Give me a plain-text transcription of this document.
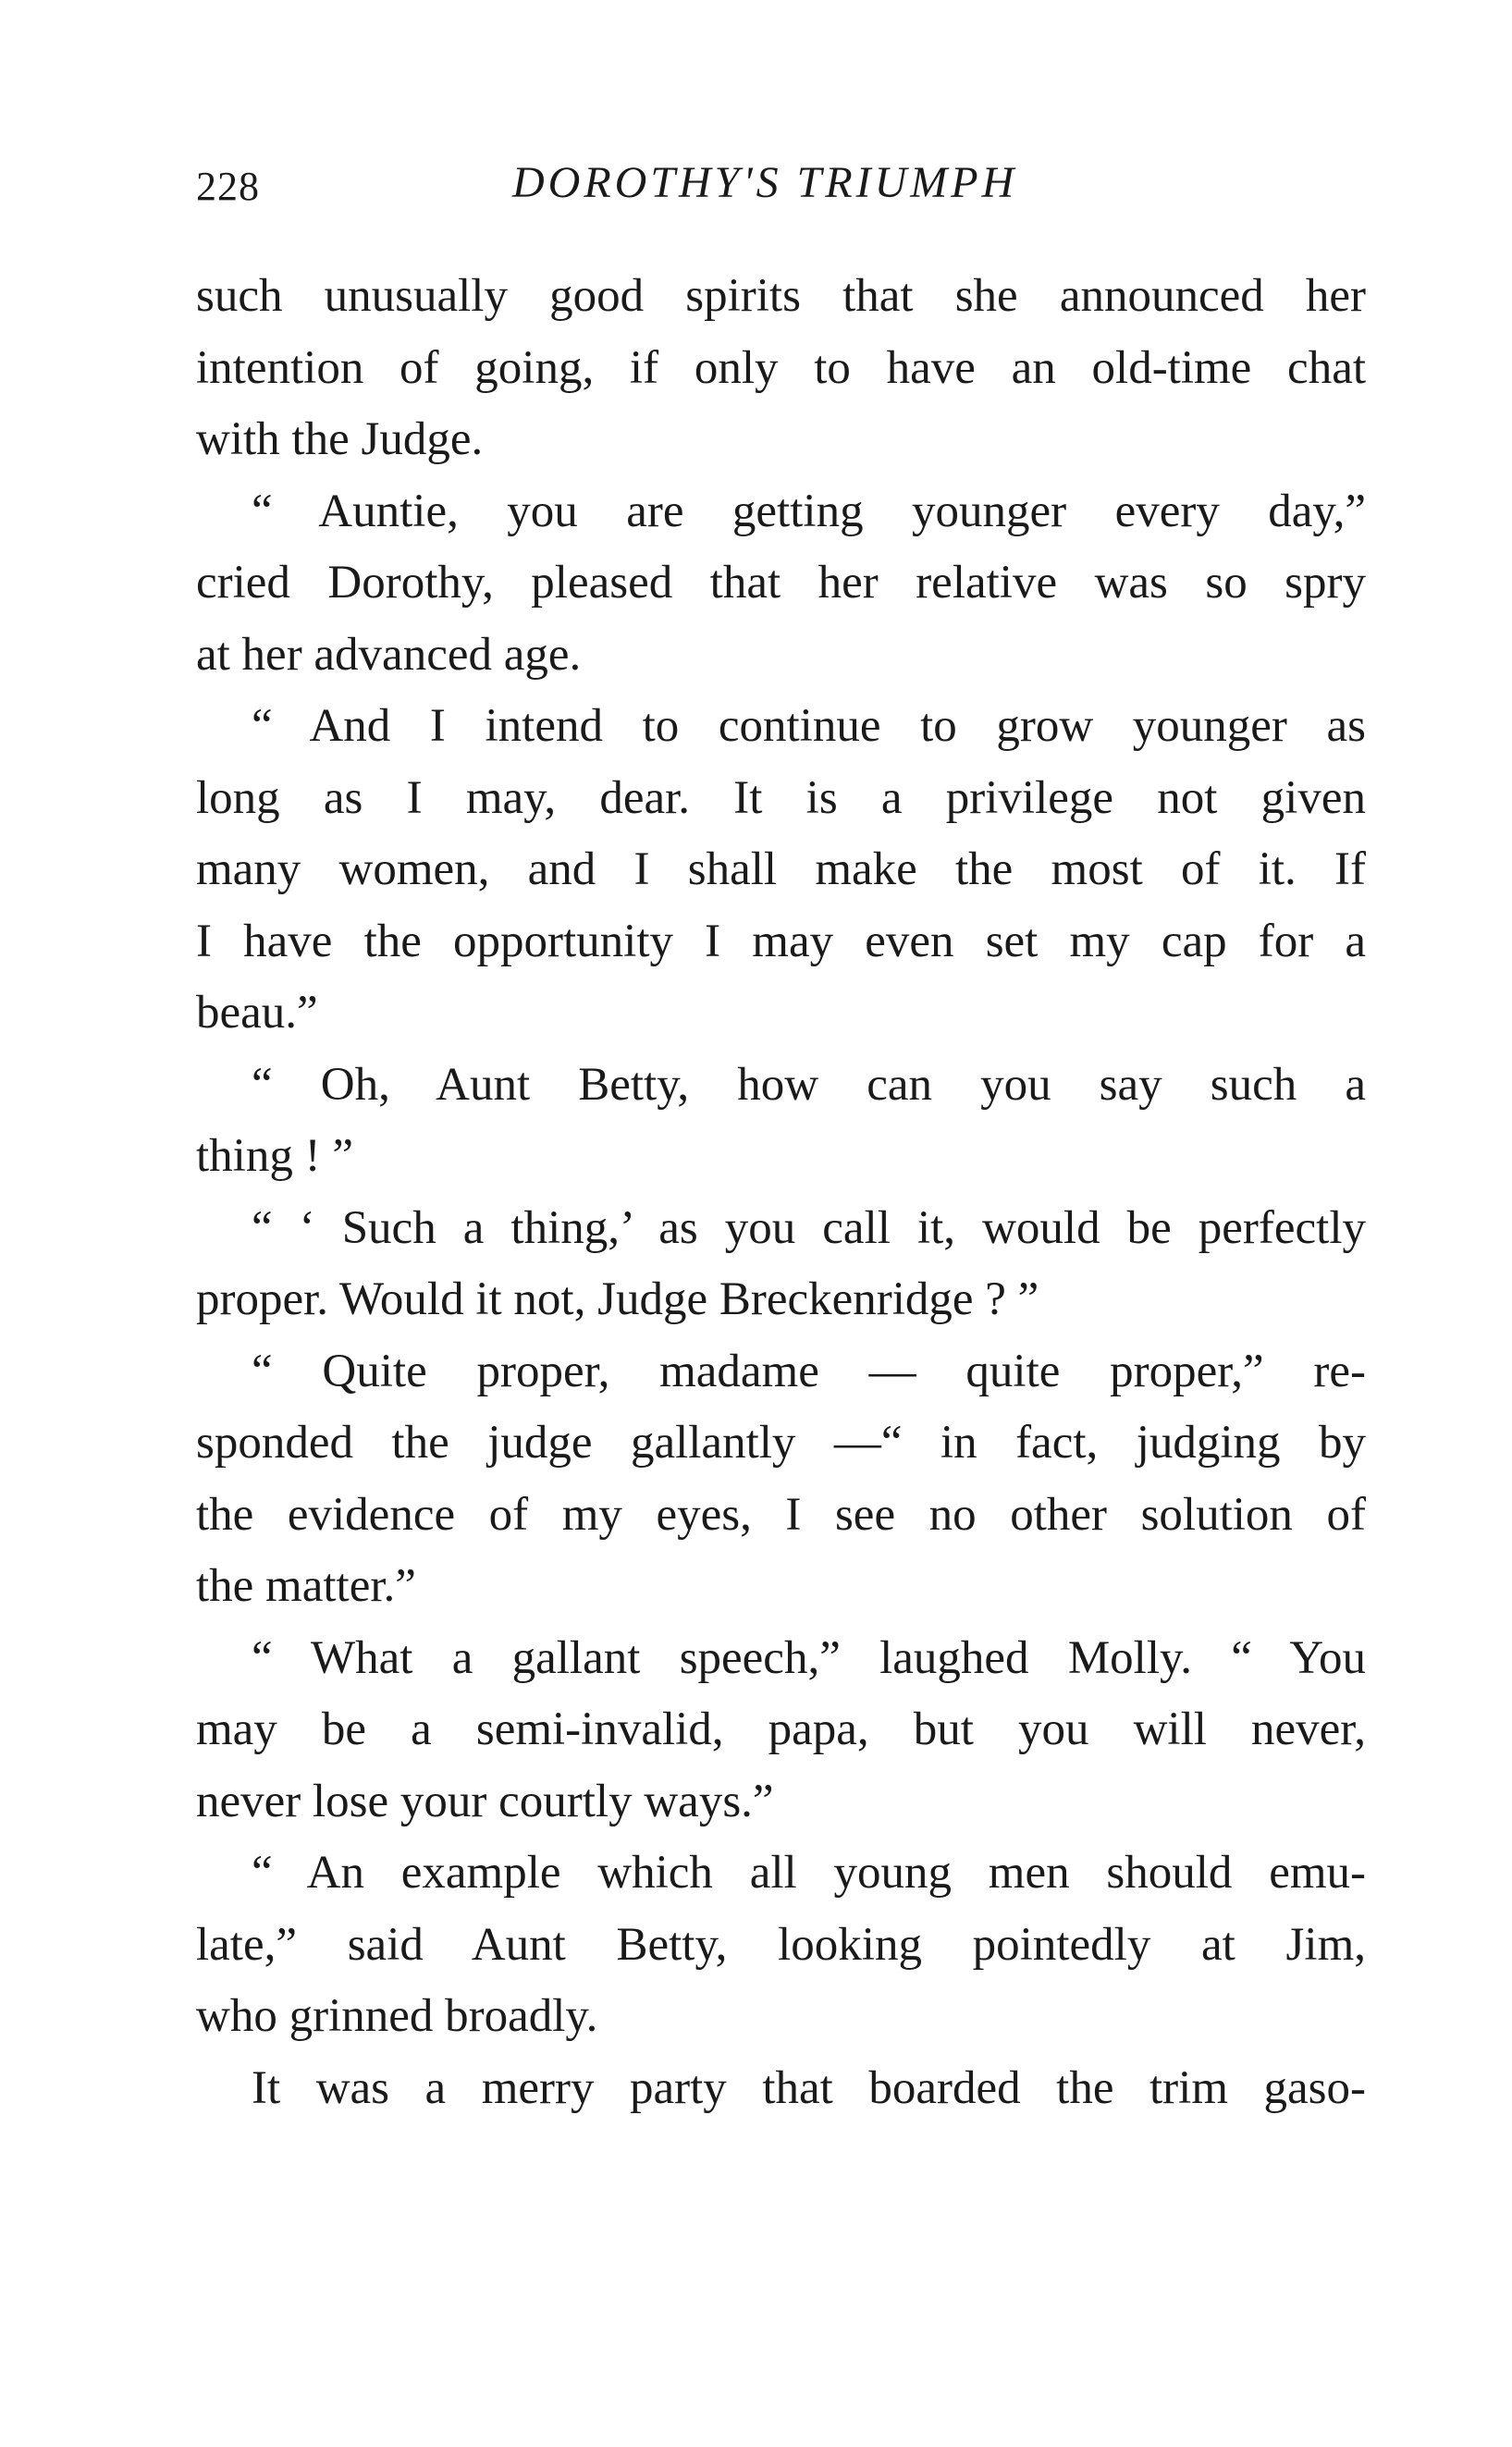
228	DOROTHY'S TRIUMPH
such unusually good spirits that she announced her
intention of going, if only to have an old-time chat
with the Judge.
“ Auntie, you are getting younger every day,”
cried Dorothy, pleased that her relative was so spry
at her advanced age.
“ And I intend to continue to grow younger as
long as I may, dear. It is a privilege not given
many women, and I shall make the most of it. If
I have the opportunity I may even set my cap for a
beau.”
“ Oh, Aunt Betty, how can you say such a
thing ! ”
“ ‘ Such a thing,’ as you call it, would be perfectly
proper. Would it not, Judge Breckenridge ? ”
“ Quite proper, madame — quite proper,” re-
sponded the judge gallantly —“ in fact, judging by
the evidence of my eyes, I see no other solution of
the matter.”
“ What a gallant speech,” laughed Molly. “ You
may be a semi-invalid, papa, but you will never,
never lose your courtly ways.”
“ An example which all young men should emu-
late,” said Aunt Betty, looking pointedly at Jim,
who grinned broadly.
It was a merry party that boarded the trim gaso-
